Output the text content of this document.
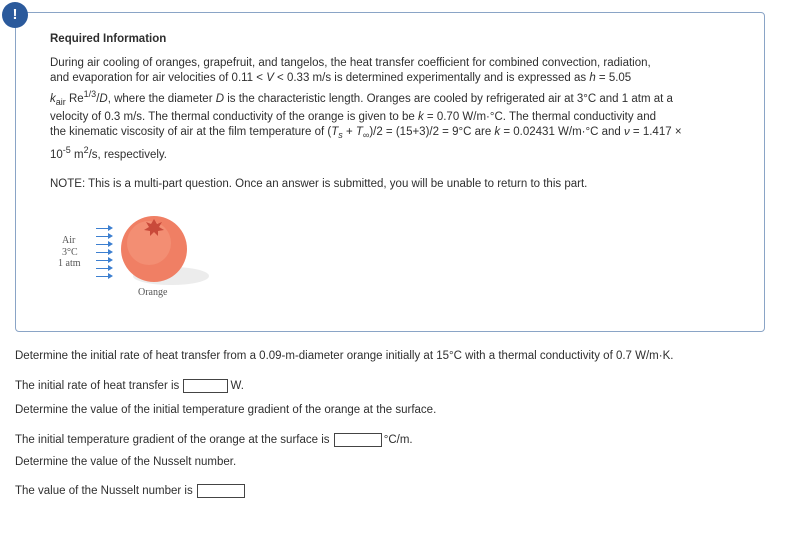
!
Required Information
During air cooling of oranges, grapefruit, and tangelos, the heat transfer coefficient for combined convection, radiation,
and evaporation for air velocities of 0.11 < V < 0.33 m/s is determined experimentally and is expressed as h = 5.05
$k_{air}$ $Re^{1/3}/D$, where the diameter D is the characteristic length. Oranges are cooled by refrigerated air at 3°C and 1 atm at a
velocity of 0.3 m/s. The thermal conductivity of the orange is given to be k = 0.70 W/m·°C. The thermal conductivity and
the kinematic viscosity of air at the film temperature of $(T_s + T_\infty)/2 = (15+3)/2 = 9^\circ C$ are k = 0.02431 W/m·°C and ν = 1.417 ×
$10^{-5}$ $m^2/s$, respectively.
NOTE: This is a multi-part question. Once an answer is submitted, you will be unable to return to this part.
Air
3°C
1 atm
Orange
Determine the initial rate of heat transfer from a 0.09-m-diameter orange initially at 15°C with a thermal conductivity of 0.7 W/m·K.
The initial rate of heat transfer is	W.
Determine the value of the initial temperature gradient of the orange at the surface.
The initial temperature gradient of the orange at the surface is	°C/m.
Determine the value of the Nusselt number.
The value of the Nusselt number is
